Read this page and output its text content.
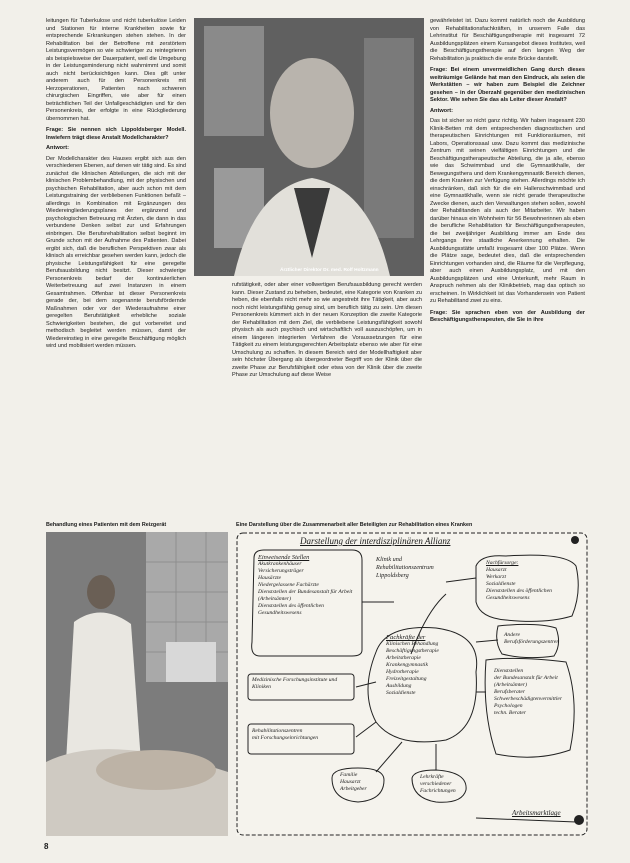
leitungen für Tuberkulose und nicht tuberkulöse Leiden und Stationen für interne Krankheiten sowie für entsprechende Erkrankungen stehen stehen. In der Rehabilitation bei der Betroffene mit zerstörtem Leistungsvermögen so wie schwieriger zu reintegrieren als beispielsweise der Dauerpatient, weil die Umgebung in der Leistungsminderung nicht wahrnimmt und somit auch nicht berücksichtigen kann. Dies gilt unter anderem auch für den Personenkreis mit Herzoperationen, Patienten nach schweren chirurgischen Eingriffen, wie aber für einen beträchtlichen Teil der Unfallgeschädigten und für den Personenkreis, der erfolgte in eine Rückgliederung übernommen hat.

Frage: Sie nennen sich Lippoldsberger Modell. Inwiefern trägt diese Anstalt Modellcharakter?

Antwort:

Der Modellcharakter des Hauses ergibt sich aus den verschiedenen Ebenen, auf denen wir tätig sind. Es sind zunächst die klinischen Abteilungen, die sich mit der klinischen Problembehandlung, mit der physischen und psychischen Rehabilitation, aber auch schon mit dem Leistungstraining der verbliebenen Funktionen befaßt – allerdings in Kombination mit Ergänzungen des Wiedereingliederungsplanes der ergänzend und psychologischen Betreuung mit Ärzten, die dann in das verbundene Denken selbst zur und Erfahrungen einbringen. Die Berufsrehabilitation selbst beginnt im Grunde schon mit der Aufnahme des Patienten. Dabei ergibt sich, daß die beruflichen Perspektiven zwar als klinisch als erreichbar gesehen werden kann, jedoch die physische Leistungsfähigkeit für eine geregelte Berufsausbildung nicht besitzt. Dieser schwierige Personenkreis bedarf der kontinuierlichen Weiterbetreuung auf zwei Instanzen in einem Gesamtrahmen. Offenbar ist dieser Personenkreis gerade der, bei dem sogenannte berufsfördernde Maßnahmen oder vor der Wiederaufnahme einer geregelten Berufstätigkeit erhebliche soziale Schwierigkeiten bestehen, die gut vorbereitet und methodisch begleitet werden müssen, damit der Wiedereinstieg in eine geregelte Beschäftigung möglich wird und mobilisiert werden müssen.

Ärztlicher Direktor Dr. med. Rolf Holtzmann

rufstätigkeit, oder aber einer vollwertigen Berufsausbildung gerecht werden kann. Dieser Zustand zu beheben, bedeutet, eine Kategorie von Kranken zu heben, die ebenfalls nicht mehr so wie angestrebt ihre Tätigkeit, aber auch noch nicht leistungsfähig genug sind, um beruflich tätig zu sein. Um diesen Personenkreis kümmert sich in der neuen Konzeption die zweite Kategorie der Rehabilitation mit dem Ziel, die verbliebene Leistungsfähigkeit sowohl physisch als auch psychisch und wirtschaftlich voll auszuschöpfen, um in einem längeren integrierten Verfahren die Voraussetzungen für eine Tätigkeit zu einem leistungsgerechten Arbeitsplatz ebenso wie aber für eine Umschulung zu schaffen. In diesem Bereich wird der Modellhaftigkeit aber sein höchster Übergang als übergeordneter Begriff von der Klinik über die zweite Phase zur Berufsfähigkeit oder etwa von der Klinik über die zweite Phase zur Umschulung auf diese Weise

gewährleistet ist. Dazu kommt natürlich noch die Ausbildung von Rehabilitationsfachkräften, in unserem Falle das Lehrinstitut für Beschäftigungstherapie mit insgesamt 72 Ausbildungsplätzen einem Kursangebot dieses Institutes, weil die Beschäftigungstherapie auf den langen Weg der Rehabilitation ja praktisch die erste Brücke darstellt.

Frage: Bei einem unvermeidlichen Gang durch dieses weiträumige Gelände hat man den Eindruck, als seien die Werkstätten – wir haben zum Beispiel die Zeichner gesehen – in der Überzahl gegenüber den medizinischen Sektor. Wie sehen Sie das als Leiter dieser Anstalt?

Antwort:

Das ist sicher so nicht ganz richtig. Wir haben insgesamt 230 Klinik-Betten mit dem entsprechenden diagnostischen und therapeutischen Einrichtungen mit Funktionsräumen, mit Labors, Operationssaal usw. Dazu kommt das medizinische Zentrum mit seinen vielfältigen Einrichtungen und die Beschäftigungstherapeutische Abteilung, die ja alle, ebenso wie das Schwimmbad und die Gymnastikhalle, der Bewegungsthera und dem Krankengymnastik Bereich dienen, die dem Kranken zur Verfügung stehen. Allerdings möchte ich einschränken, daß sich für die ein Hallenschwimmbad und eine Gymnastikhalle, wenn sie nicht gerade therapeutische Zwecke dienen, auch den Verwaltungen stehen sollen, sowohl der Rehabilitanden als auch der Mitarbeiter. Wir haben darüber hinaus ein Wohnheim für 56 Bewohnerinnen als eben die berufliche Rehabilitation für Beschäftigungstherapeuten, die bei zweijähriger Ausbildung immer am Ende des Lehrgangs ihre staatliche Anerkennung erhalten. Die Ausbildungsstätte umfaßt insgesamt über 100 Plätze. Wenn die Plätze sage, bedeutet dies, daß die entsprechenden Einrichtungen vorhanden sind, die Räume für die Verpflegung, aber auch einen Ausbildungsplatz, und mit den Ausbildungsplätzen und eine Unterkunft, mehr Raum in Anspruch nehmen als der Klinikbetrieb, mag das optisch so erscheinen. In Wirklichkeit ist das Vorhandensein von Patient zu Rehabilitand zwei zu eins.

Frage: Sie sprachen eben von der Ausbildung der Beschäftigungstherapeuten, die Sie in ihre

Behandlung eines Patienten mit dem Reizgerät	Eine Darstellung über die Zusammenarbeit aller Beteiligten zur Rehabilitation eines Kranken
Darstellung der interdisziplinären Allianz
Einweisende Stellen
Akutkrankenhäuser
Versicherungsträger
Hausärzte
Niedergelassene Fachärzte
Dienststellen der Bundesanstalt für Arbeit
(Arbeitsämter)
Dienststellen des öffentlichen Gesundheitswesens
Klinik und Rehabilitationszentrum
Lippoldsberg
Nachfürsorge:
Hausarzt
Werkarzt
Sozialdienste
Dienststellen des öffentlichen
Gesundheitswesens
Andere Berufsförderungszentren
Fachkräfte der
Klinischen Behandlung
Beschäftigungstherapie
Arbeitstherapie
Krankengymnastik
Hydrotherapie
Freizeitgestaltung
Ausbildung
Sozialdienste
Dienststellen
der Bundesanstalt für Arbeit
(Arbeitsämter)
Berufsberater
Schwerbeschädigtenvermittler
Psychologen
techn. Berater
Medizinische Forschungsinstitute und Kliniken
Rehabilitationszentren
mit Forschungseinrichtungen
Familie
Hausarzt
Arbeitgeber
Lehrkräfte
verschiedener
Fachrichtungen
Arbeitsmarktlage
8
